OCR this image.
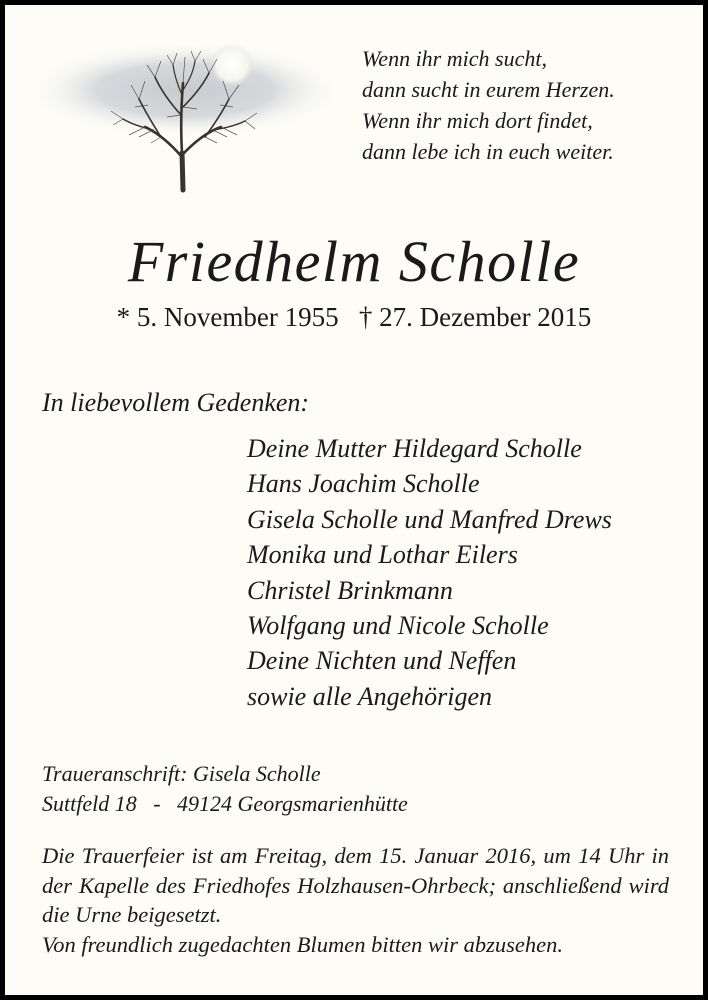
Wenn ihr mich sucht,
dann sucht in eurem Herzen.
Wenn ihr mich dort findet,
dann lebe ich in euch weiter.
Friedhelm Scholle
* 5. November 1955   † 27. Dezember 2015
In liebevollem Gedenken:
Deine Mutter Hildegard Scholle
Hans Joachim Scholle
Gisela Scholle und Manfred Drews
Monika und Lothar Eilers
Christel Brinkmann
Wolfgang und Nicole Scholle
Deine Nichten und Neffen
sowie alle Angehörigen
Traueranschrift: Gisela Scholle
Suttfeld 18   -   49124 Georgsmarienhütte

Die Trauerfeier ist am Freitag, dem 15. Januar 2016, um 14 Uhr in der Kapelle des Friedhofes Holzhausen-Ohrbeck; anschließend wird die Urne beigesetzt.

Von freundlich zugedachten Blumen bitten wir abzusehen.
